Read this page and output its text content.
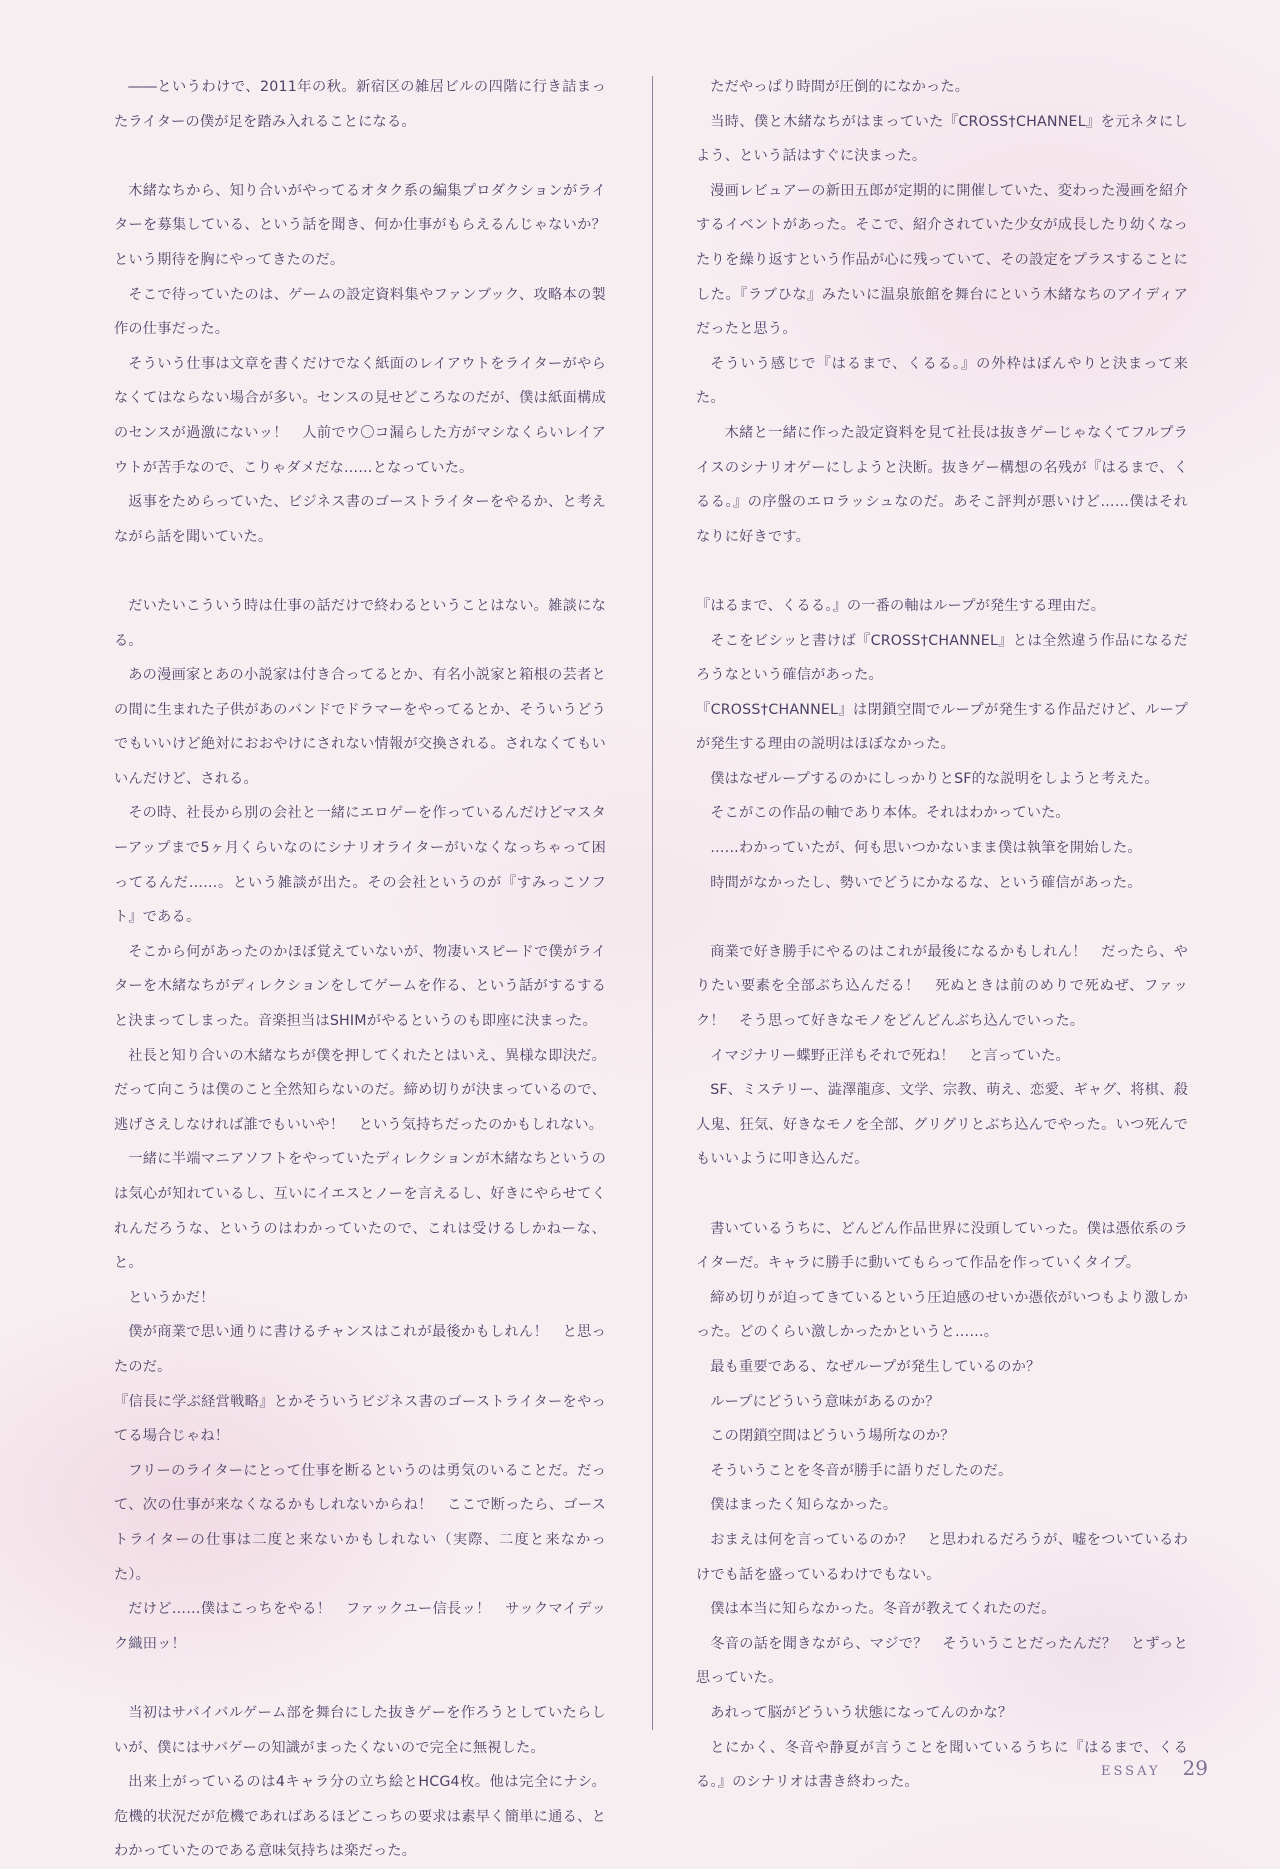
――というわけで、2011年の秋。新宿区の雑居ビルの四階に行き詰まったライターの僕が足を踏み入れることになる。

木緒なちから、知り合いがやってるオタク系の編集プロダクションがライターを募集している、という話を聞き、何か仕事がもらえるんじゃないか？　という期待を胸にやってきたのだ。

そこで待っていたのは、ゲームの設定資料集やファンブック、攻略本の製作の仕事だった。

そういう仕事は文章を書くだけでなく紙面のレイアウトをライターがやらなくてはならない場合が多い。センスの見せどころなのだが、僕は紙面構成のセンスが過激にないッ！　人前でウ〇コ漏らした方がマシなくらいレイアウトが苦手なので、こりゃダメだな……となっていた。

返事をためらっていた、ビジネス書のゴーストライターをやるか、と考えながら話を聞いていた。

だいたいこういう時は仕事の話だけで終わるということはない。雑談になる。

あの漫画家とあの小説家は付き合ってるとか、有名小説家と箱根の芸者との間に生まれた子供があのバンドでドラマーをやってるとか、そういうどうでもいいけど絶対におおやけにされない情報が交換される。されなくてもいいんだけど、される。

その時、社長から別の会社と一緒にエロゲーを作っているんだけどマスターアップまで5ヶ月くらいなのにシナリオライターがいなくなっちゃって困ってるんだ……。という雑談が出た。その会社というのが『すみっこソフト』である。

そこから何があったのかほぼ覚えていないが、物凄いスピードで僕がライターを木緒なちがディレクションをしてゲームを作る、という話がするすると決まってしまった。音楽担当はSHIMがやるというのも即座に決まった。

社長と知り合いの木緒なちが僕を押してくれたとはいえ、異様な即決だ。だって向こうは僕のこと全然知らないのだ。締め切りが決まっているので、逃げさえしなければ誰でもいいや！　という気持ちだったのかもしれない。

一緒に半端マニアソフトをやっていたディレクションが木緒なちというのは気心が知れているし、互いにイエスとノーを言えるし、好きにやらせてくれんだろうな、というのはわかっていたので、これは受けるしかねーな、と。

というかだ！

僕が商業で思い通りに書けるチャンスはこれが最後かもしれん！　と思ったのだ。

『信長に学ぶ経営戦略』とかそういうビジネス書のゴーストライターをやってる場合じゃね！

フリーのライターにとって仕事を断るというのは勇気のいることだ。だって、次の仕事が来なくなるかもしれないからね！　ここで断ったら、ゴーストライターの仕事は二度と来ないかもしれない（実際、二度と来なかった）。

だけど……僕はこっちをやる！　ファックユー信長ッ！　サックマイデック織田ッ！

当初はサバイバルゲーム部を舞台にした抜きゲーを作ろうとしていたらしいが、僕にはサバゲーの知識がまったくないので完全に無視した。

出来上がっているのは4キャラ分の立ち絵とHCG4枚。他は完全にナシ。危機的状況だが危機であればあるほどこっちの要求は素早く簡単に通る、とわかっていたのである意味気持ちは楽だった。

ただやっぱり時間が圧倒的になかった。

当時、僕と木緒なちがはまっていた『CROSS†CHANNEL』を元ネタにしよう、という話はすぐに決まった。

漫画レビュアーの新田五郎が定期的に開催していた、変わった漫画を紹介するイベントがあった。そこで、紹介されていた少女が成長したり幼くなったりを繰り返すという作品が心に残っていて、その設定をプラスすることにした。『ラブひな』みたいに温泉旅館を舞台にという木緒なちのアイディアだったと思う。

そういう感じで『はるまで、くるる。』の外枠はぼんやりと決まって来た。

　木緒と一緒に作った設定資料を見て社長は抜きゲーじゃなくてフルプライスのシナリオゲーにしようと決断。抜きゲー構想の名残が『はるまで、くるる。』の序盤のエロラッシュなのだ。あそこ評判が悪いけど……僕はそれなりに好きです。

『はるまで、くるる。』の一番の軸はループが発生する理由だ。

そこをビシッと書けば『CROSS†CHANNEL』とは全然違う作品になるだろうなという確信があった。

『CROSS†CHANNEL』は閉鎖空間でループが発生する作品だけど、ループが発生する理由の説明はほぼなかった。

僕はなぜループするのかにしっかりとSF的な説明をしようと考えた。

そこがこの作品の軸であり本体。それはわかっていた。

……わかっていたが、何も思いつかないまま僕は執筆を開始した。

時間がなかったし、勢いでどうにかなるな、という確信があった。

商業で好き勝手にやるのはこれが最後になるかもしれん！　だったら、やりたい要素を全部ぶち込んだる！　死ぬときは前のめりで死ぬぜ、ファック！　そう思って好きなモノをどんどんぶち込んでいった。

イマジナリー蝶野正洋もそれで死ね！　と言っていた。

SF、ミステリー、澁澤龍彦、文学、宗教、萌え、恋愛、ギャグ、将棋、殺人鬼、狂気、好きなモノを全部、グリグリとぶち込んでやった。いつ死んでもいいように叩き込んだ。

書いているうちに、どんどん作品世界に没頭していった。僕は憑依系のライターだ。キャラに勝手に動いてもらって作品を作っていくタイプ。

締め切りが迫ってきているという圧迫感のせいか憑依がいつもより激しかった。どのくらい激しかったかというと……。

最も重要である、なぜループが発生しているのか？

ループにどういう意味があるのか？

この閉鎖空間はどういう場所なのか？

そういうことを冬音が勝手に語りだしたのだ。

僕はまったく知らなかった。

おまえは何を言っているのか？　と思われるだろうが、嘘をついているわけでも話を盛っているわけでもない。

僕は本当に知らなかった。冬音が教えてくれたのだ。

冬音の話を聞きながら、マジで？　そういうことだったんだ？　とずっと思っていた。

あれって脳がどういう状態になってんのかな？

とにかく、冬音や静夏が言うことを聞いているうちに『はるまで、くるる。』のシナリオは書き終わった。

ESSAY 29
